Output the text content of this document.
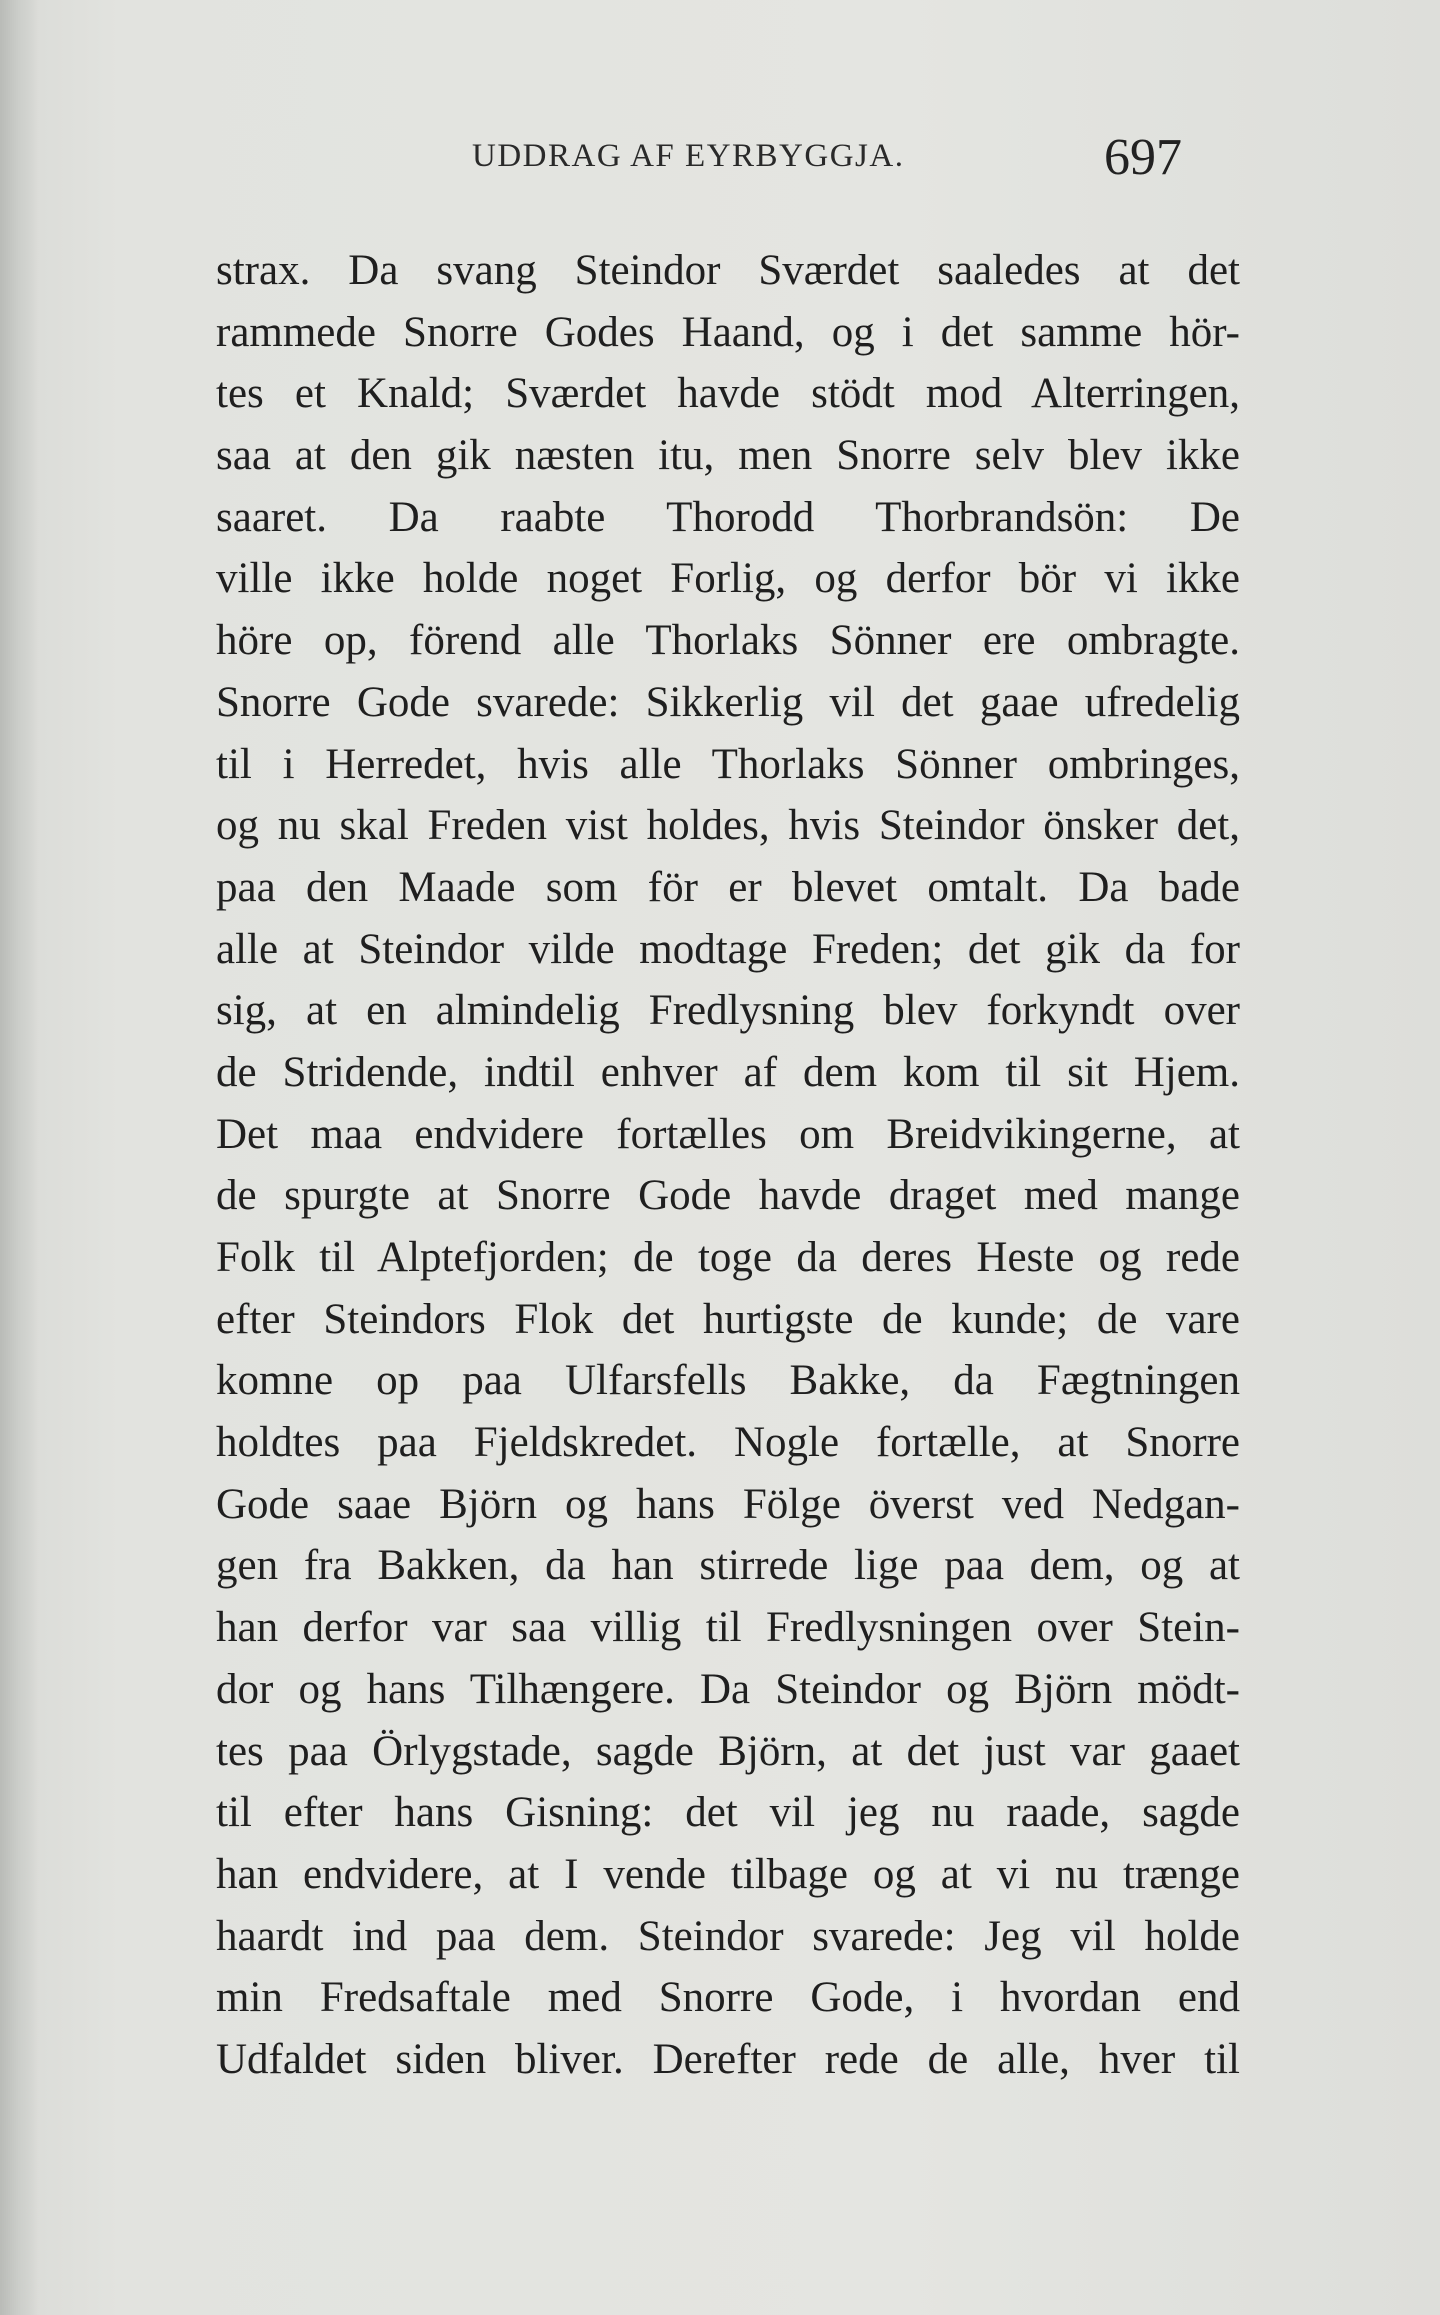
UDDRAG AF EYRBYGGJA.	697
strax. Da svang Steindor Sværdet saaledes at det
rammede Snorre Godes Haand, og i det samme hör-
tes et Knald; Sværdet havde stödt mod Alterringen,
saa at den gik næsten itu, men Snorre selv blev ikke
saaret. Da raabte Thorodd Thorbrandsön: De
ville ikke holde noget Forlig, og derfor bör vi ikke
höre op, förend alle Thorlaks Sönner ere ombragte.
Snorre Gode svarede: Sikkerlig vil det gaae ufredelig
til i Herredet, hvis alle Thorlaks Sönner ombringes,
og nu skal Freden vist holdes, hvis Steindor önsker det,
paa den Maade som för er blevet omtalt. Da bade
alle at Steindor vilde modtage Freden; det gik da for
sig, at en almindelig Fredlysning blev forkyndt over
de Stridende, indtil enhver af dem kom til sit Hjem.
Det maa endvidere fortælles om Breidvikingerne, at
de spurgte at Snorre Gode havde draget med mange
Folk til Alptefjorden; de toge da deres Heste og rede
efter Steindors Flok det hurtigste de kunde; de vare
komne op paa Ulfarsfells Bakke, da Fægtningen
holdtes paa Fjeldskredet. Nogle fortælle, at Snorre
Gode saae Björn og hans Fölge överst ved Nedgan-
gen fra Bakken, da han stirrede lige paa dem, og at
han derfor var saa villig til Fredlysningen over Stein-
dor og hans Tilhængere. Da Steindor og Björn mödt-
tes paa Örlygstade, sagde Björn, at det just var gaaet
til efter hans Gisning: det vil jeg nu raade, sagde
han endvidere, at I vende tilbage og at vi nu trænge
haardt ind paa dem. Steindor svarede: Jeg vil holde
min Fredsaftale med Snorre Gode, i hvordan end
Udfaldet siden bliver. Derefter rede de alle, hver til
